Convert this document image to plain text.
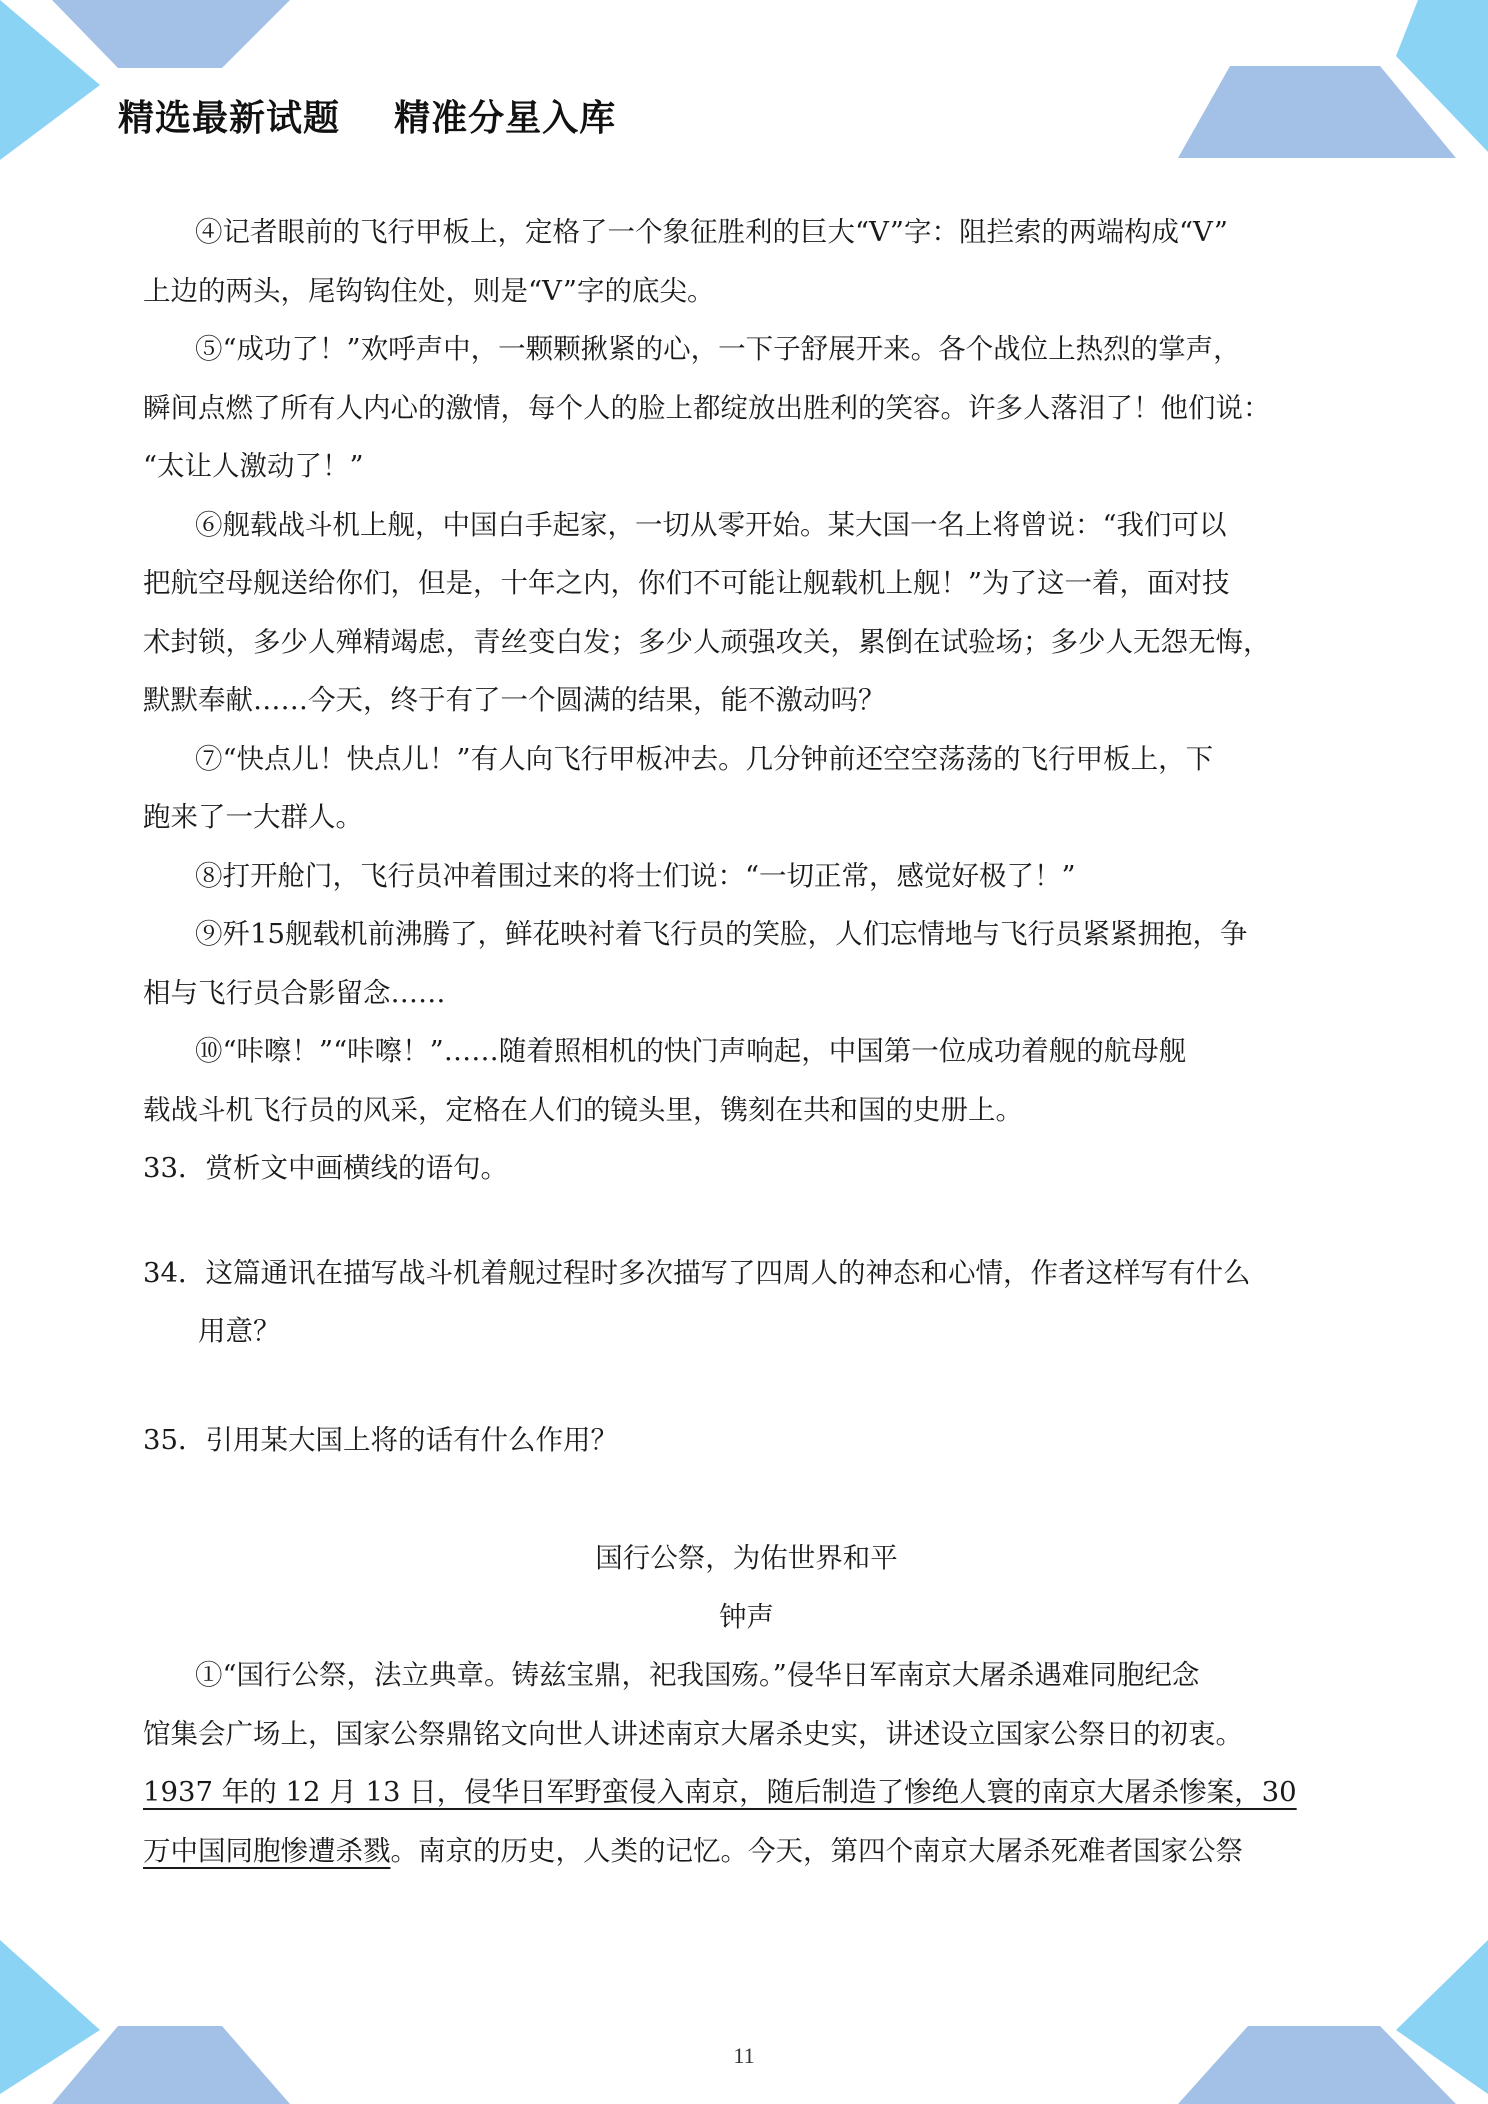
精选最新试题    精准分星入库
④记者眼前的飞行甲板上，定格了一个象征胜利的巨大“V”字：阻拦索的两端构成“V”
上边的两头，尾钩钩住处，则是“V”字的底尖。
⑤“成功了！”欢呼声中，一颗颗揪紧的心，一下子舒展开来。各个战位上热烈的掌声，
瞬间点燃了所有人内心的激情，每个人的脸上都绽放出胜利的笑容。许多人落泪了！他们说：
“太让人激动了！”
⑥舰载战斗机上舰，中国白手起家，一切从零开始。某大国一名上将曾说：“我们可以
把航空母舰送给你们，但是，十年之内，你们不可能让舰载机上舰！”为了这一着，面对技
术封锁，多少人殚精竭虑，青丝变白发；多少人顽强攻关，累倒在试验场；多少人无怨无悔，
默默奉献……今天，终于有了一个圆满的结果，能不激动吗？
⑦“快点儿！快点儿！”有人向飞行甲板冲去。几分钟前还空空荡荡的飞行甲板上，下
跑来了一大群人。
⑧打开舱门，飞行员冲着围过来的将士们说：“一切正常，感觉好极了！”
⑨歼15舰载机前沸腾了，鲜花映衬着飞行员的笑脸，人们忘情地与飞行员紧紧拥抱，争
相与飞行员合影留念……
⑩“咔嚓！”“咔嚓！”……随着照相机的快门声响起，中国第一位成功着舰的航母舰
载战斗机飞行员的风采，定格在人们的镜头里，镌刻在共和国的史册上。
33．赏析文中画横线的语句。
34．这篇通讯在描写战斗机着舰过程时多次描写了四周人的神态和心情，作者这样写有什么
用意？
35．引用某大国上将的话有什么作用？
国行公祭，为佑世界和平
钟声
①“国行公祭，法立典章。铸兹宝鼎，祀我国殇。”侵华日军南京大屠杀遇难同胞纪念
馆集会广场上，国家公祭鼎铭文向世人讲述南京大屠杀史实，讲述设立国家公祭日的初衷。
1937 年的 12 月 13 日，侵华日军野蛮侵入南京，随后制造了惨绝人寰的南京大屠杀惨案，30
万中国同胞惨遭杀戮。南京的历史，人类的记忆。今天，第四个南京大屠杀死难者国家公祭
11
